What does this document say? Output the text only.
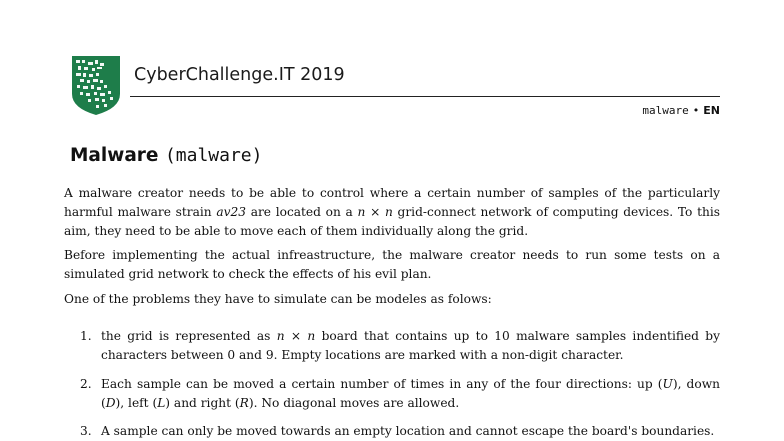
CyberChallenge.IT 2019
malware • EN
Malware (malware)

A malware creator needs to be able to control where a certain number of samples of the particularly harmful malware strain av23 are located on a n × n grid-connect network of computing devices. To this aim, they need to be able to move each of them individually along the grid.

Before implementing the actual infreastructure, the malware creator needs to run some tests on a simulated grid network to check the effects of his evil plan.

One of the problems they have to simulate can be modeles as folows:

1. the grid is represented as n × n board that contains up to 10 malware samples indentified by characters between 0 and 9. Empty locations are marked with a non-digit character.
2. Each sample can be moved a certain number of times in any of the four directions: up (U), down (D), left (L) and right (R). No diagonal moves are allowed.
3. A sample can only be moved towards an empty location and cannot escape the board's boundaries.
